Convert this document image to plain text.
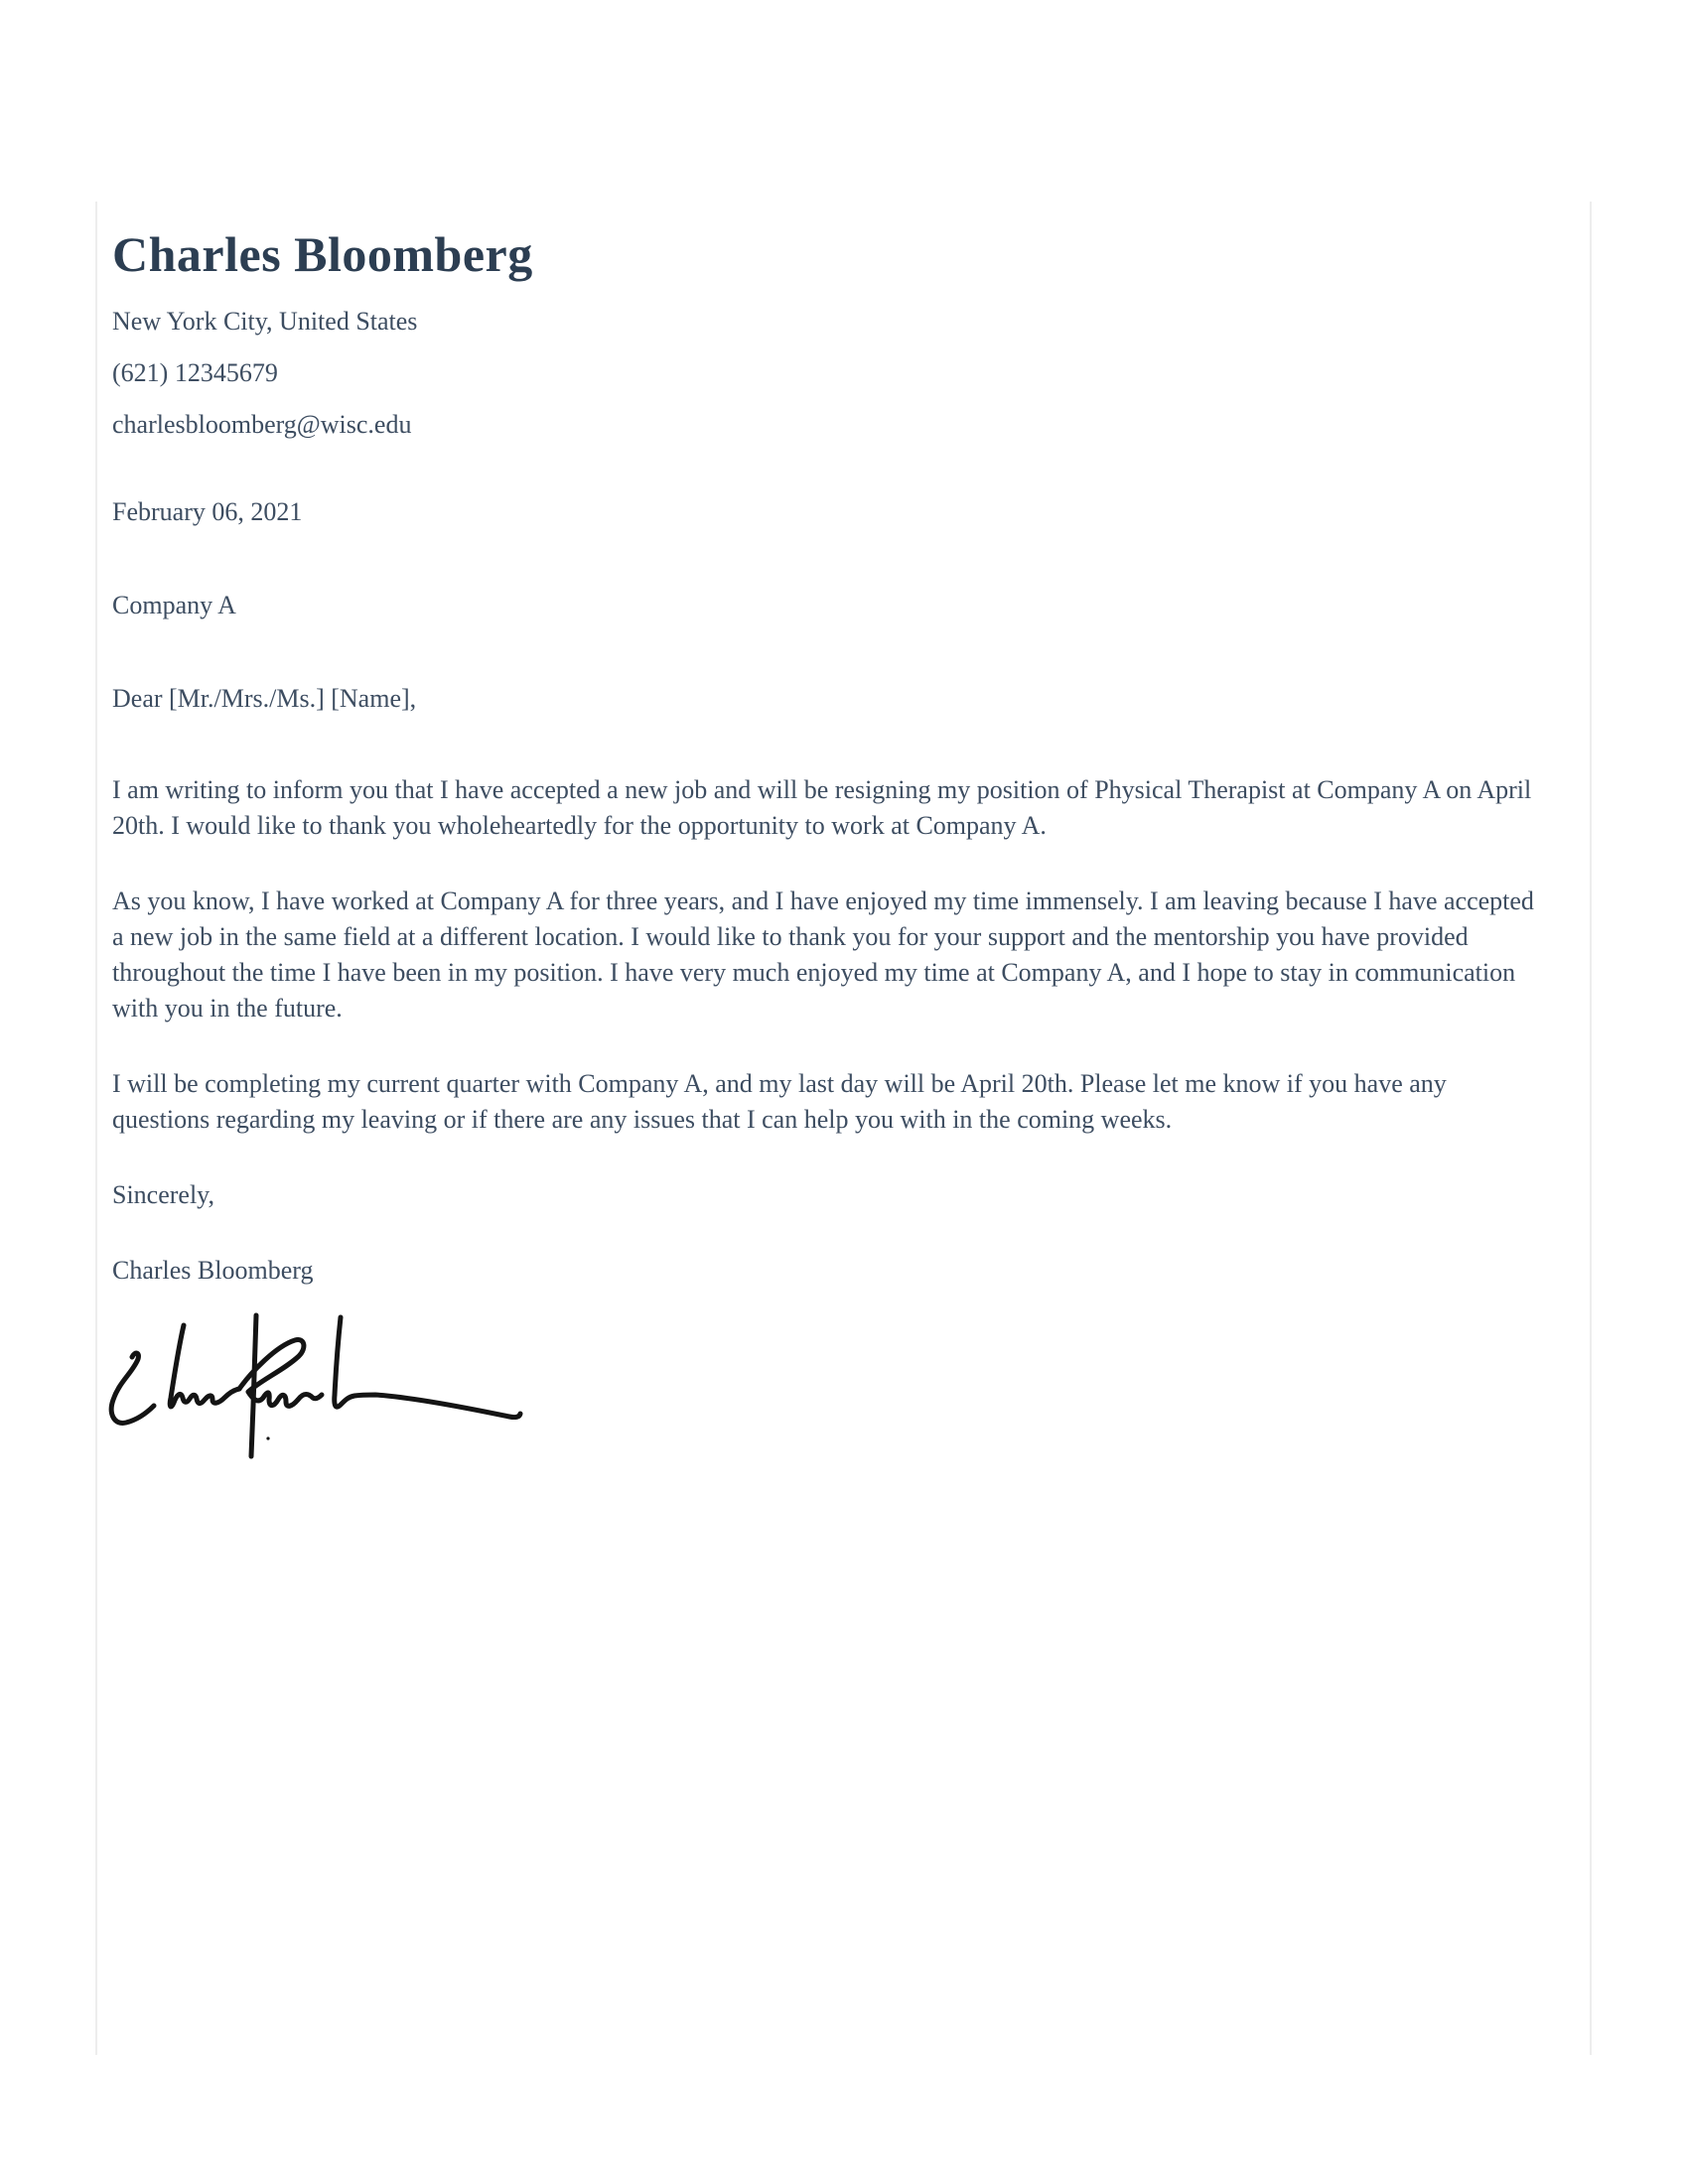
Charles Bloomberg
New York City, United States
(621) 12345679
charlesbloomberg@wisc.edu
February 06, 2021
Company A
Dear [Mr./Mrs./Ms.] [Name],

I am writing to inform you that I have accepted a new job and will be resigning my position of Physical Therapist at Company A on April 20th. I would like to thank you wholeheartedly for the opportunity to work at Company A.

As you know, I have worked at Company A for three years, and I have enjoyed my time immensely. I am leaving because I have accepted a new job in the same field at a different location. I would like to thank you for your support and the mentorship you have provided throughout the time I have been in my position. I have very much enjoyed my time at Company A, and I hope to stay in communication with you in the future.

I will be completing my current quarter with Company A, and my last day will be April 20th. Please let me know if you have any questions regarding my leaving or if there are any issues that I can help you with in the coming weeks.

Sincerely,
Charles Bloomberg
